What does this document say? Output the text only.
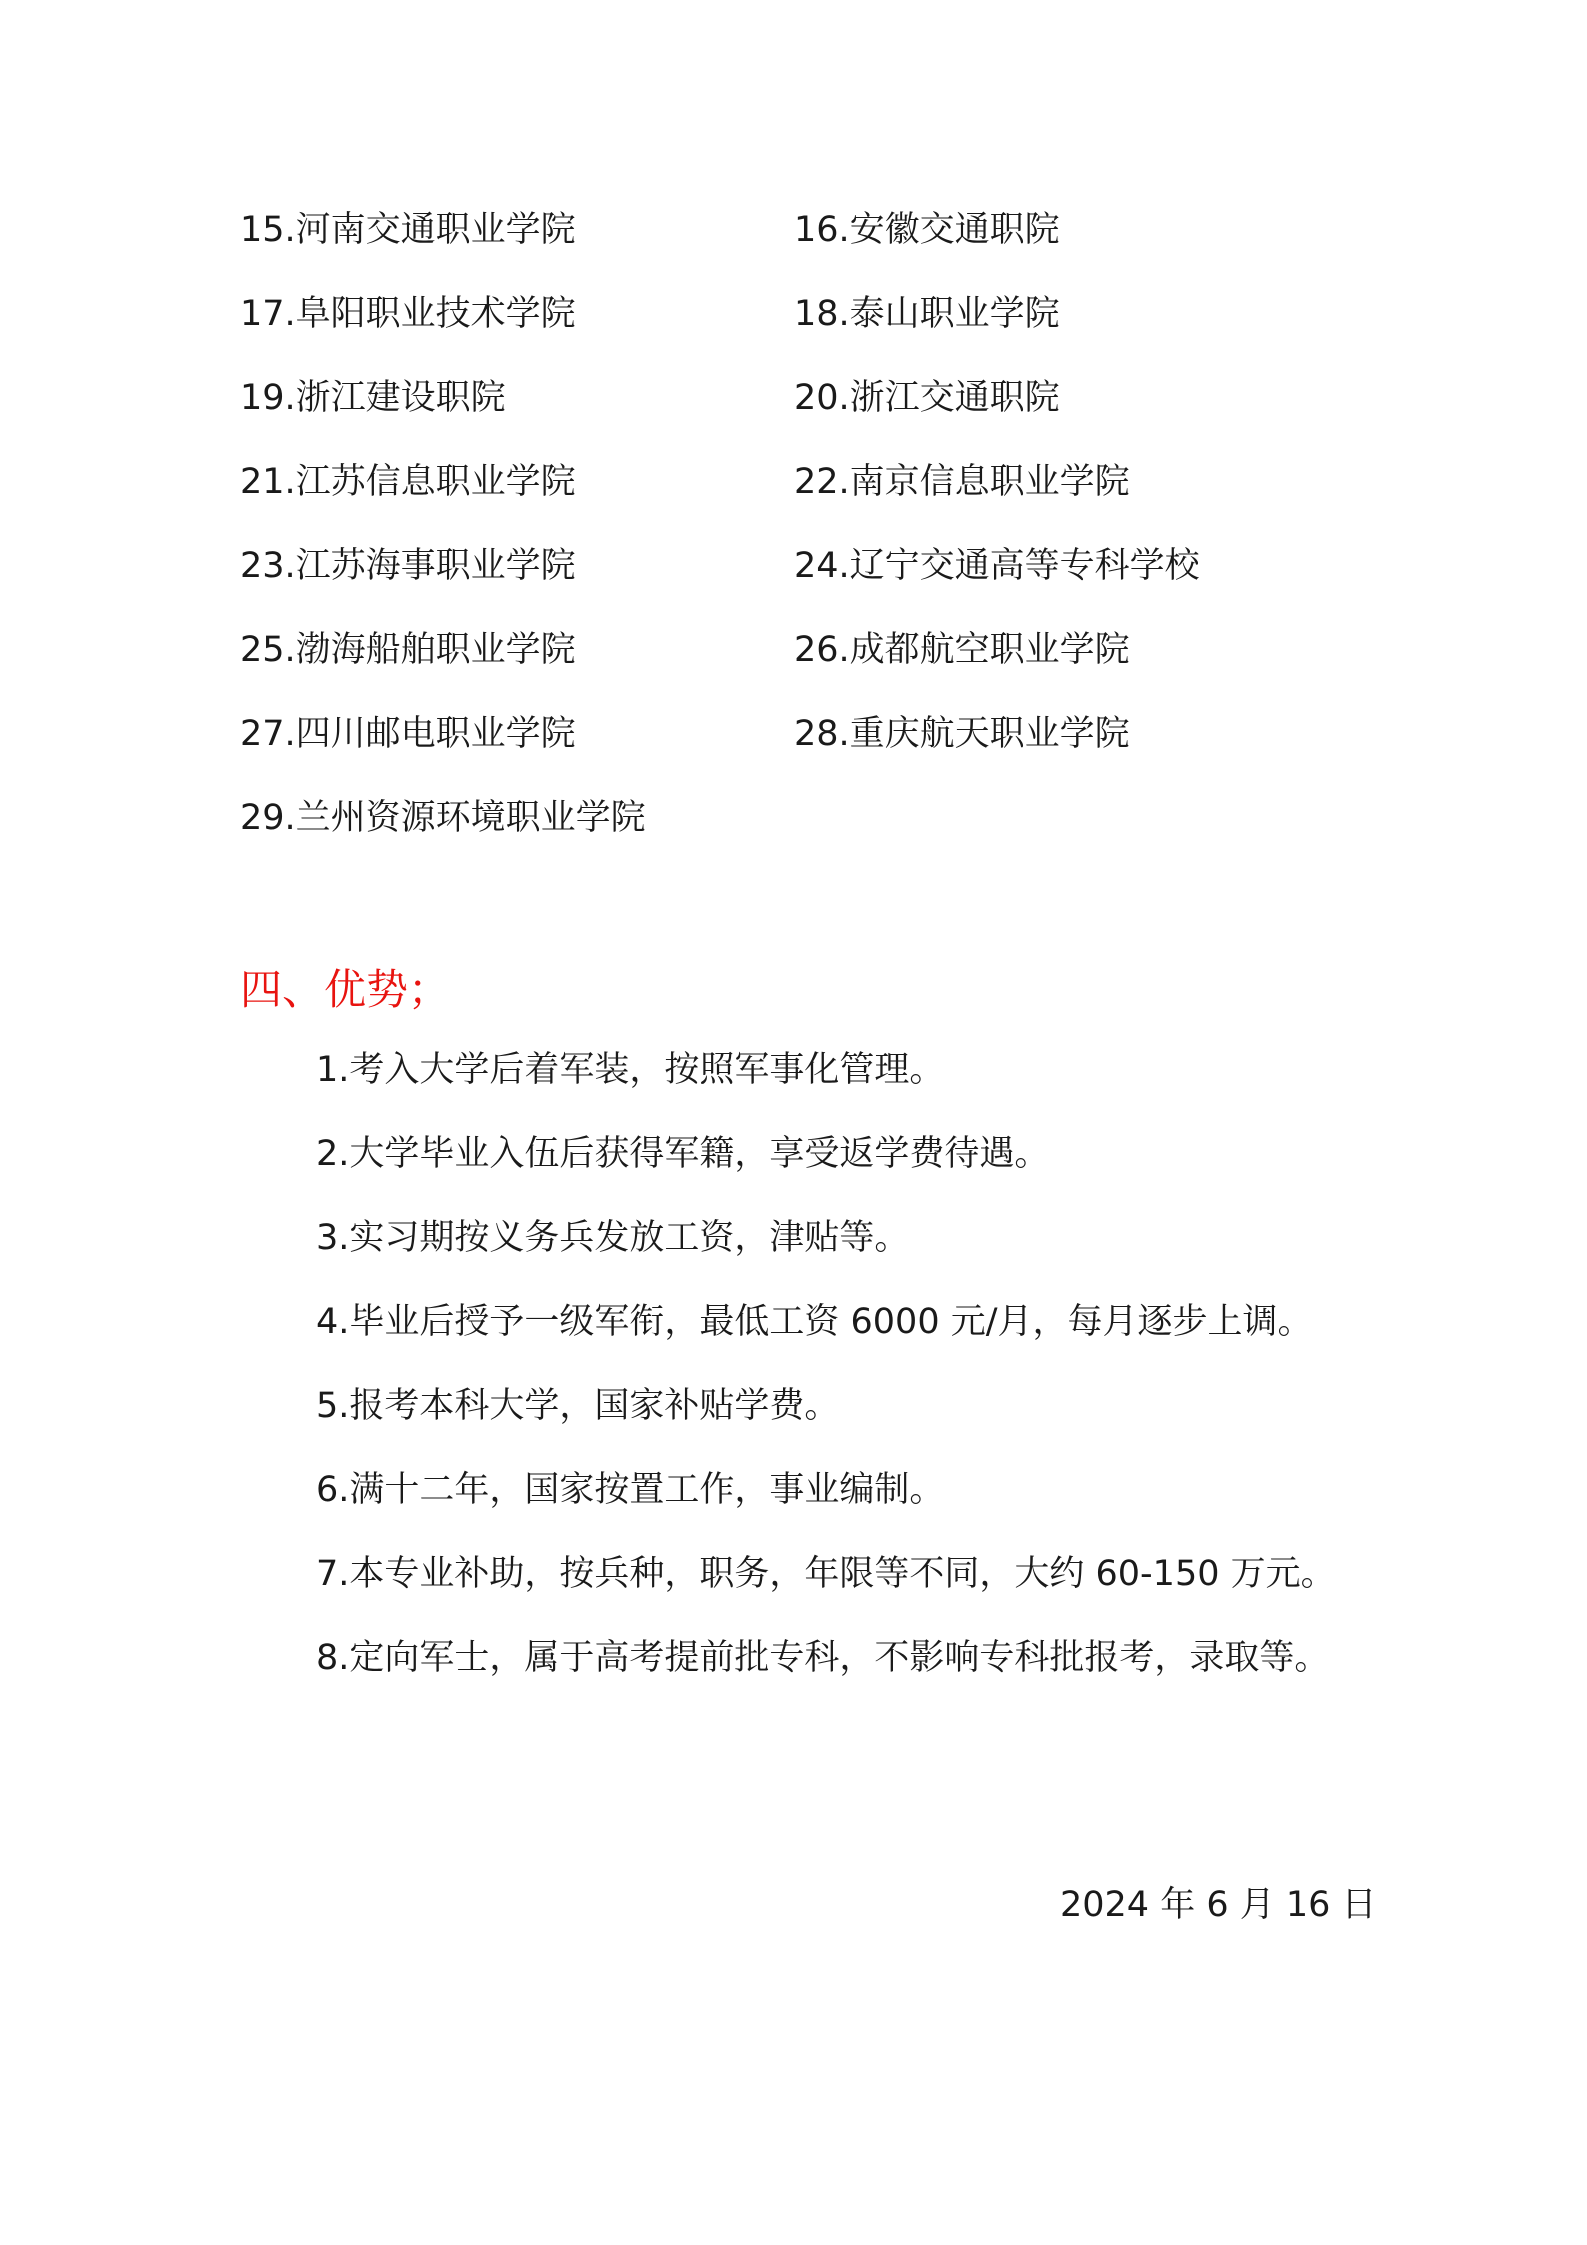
15.河南交通职业学院	16.安徽交通职院
17.阜阳职业技术学院	18.泰山职业学院
19.浙江建设职院	20.浙江交通职院
21.江苏信息职业学院	22.南京信息职业学院
23.江苏海事职业学院	24.辽宁交通高等专科学校
25.渤海船舶职业学院	26.成都航空职业学院
27.四川邮电职业学院	28.重庆航天职业学院
29.兰州资源环境职业学院
四、优势；
1.考入大学后着军装，按照军事化管理。
2.大学毕业入伍后获得军籍，享受返学费待遇。
3.实习期按义务兵发放工资，津贴等。
4.毕业后授予一级军衔，最低工资 6000 元/月，每月逐步上调。
5.报考本科大学，国家补贴学费。
6.满十二年，国家按置工作，事业编制。
7.本专业补助，按兵种，职务，年限等不同，大约 60-150 万元。
8.定向军士，属于高考提前批专科，不影响专科批报考，录取等。
2024 年 6 月 16 日
